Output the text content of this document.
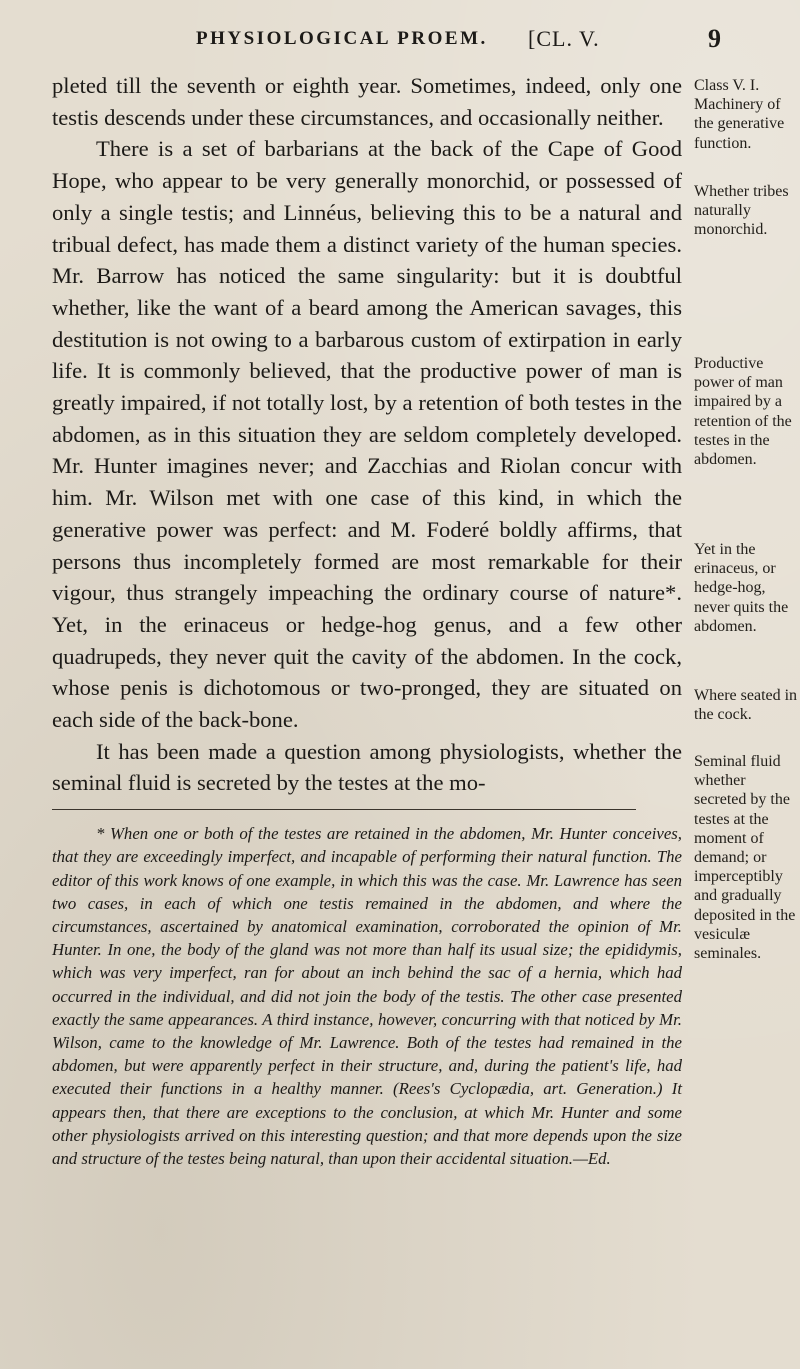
PHYSIOLOGICAL PROEM. [CL. V.	9

pleted till the seventh or eighth year. Sometimes, indeed, only one testis descends under these circumstances, and occasionally neither.

There is a set of barbarians at the back of the Cape of Good Hope, who appear to be very generally monorchid, or possessed of only a single testis; and Linnéus, believing this to be a natural and tribual defect, has made them a distinct variety of the human species. Mr. Barrow has noticed the same singularity: but it is doubtful whether, like the want of a beard among the American savages, this destitution is not owing to a barbarous custom of extirpation in early life. It is commonly believed, that the productive power of man is greatly impaired, if not totally lost, by a retention of both testes in the abdomen, as in this situation they are seldom completely developed. Mr. Hunter imagines never; and Zacchias and Riolan concur with him. Mr. Wilson met with one case of this kind, in which the generative power was perfect: and M. Foderé boldly affirms, that persons thus incompletely formed are most remarkable for their vigour, thus strangely impeaching the ordinary course of nature*. Yet, in the erinaceus or hedge-hog genus, and a few other quadrupeds, they never quit the cavity of the abdomen. In the cock, whose penis is dichotomous or two-pronged, they are situated on each side of the back-bone.

It has been made a question among physiologists, whether the seminal fluid is secreted by the testes at the mo-

* When one or both of the testes are retained in the abdomen, Mr. Hunter conceives, that they are exceedingly imperfect, and incapable of performing their natural function. The editor of this work knows of one example, in which this was the case. Mr. Lawrence has seen two cases, in each of which one testis remained in the abdomen, and where the circumstances, ascertained by anatomical examination, corroborated the opinion of Mr. Hunter. In one, the body of the gland was not more than half its usual size; the epididymis, which was very imperfect, ran for about an inch behind the sac of a hernia, which had occurred in the individual, and did not join the body of the testis. The other case presented exactly the same appearances. A third instance, however, concurring with that noticed by Mr. Wilson, came to the knowledge of Mr. Lawrence. Both of the testes had remained in the abdomen, but were apparently perfect in their structure, and, during the patient's life, had executed their functions in a healthy manner. (Rees's Cyclopædia, art. Generation.) It appears then, that there are exceptions to the conclusion, at which Mr. Hunter and some other physiologists arrived on this interesting question; and that more depends upon the size and structure of the testes being natural, than upon their accidental situation.—Ed.

Class V. I. Machinery of the generative function.
Whether tribes naturally monorchid.
Productive power of man impaired by a retention of the testes in the abdomen.
Yet in the erinaceus, or hedge-hog, never quits the abdomen.
Where seated in the cock.
Seminal fluid whether secreted by the testes at the moment of demand; or imperceptibly and gradually deposited in the vesiculæ seminales.
